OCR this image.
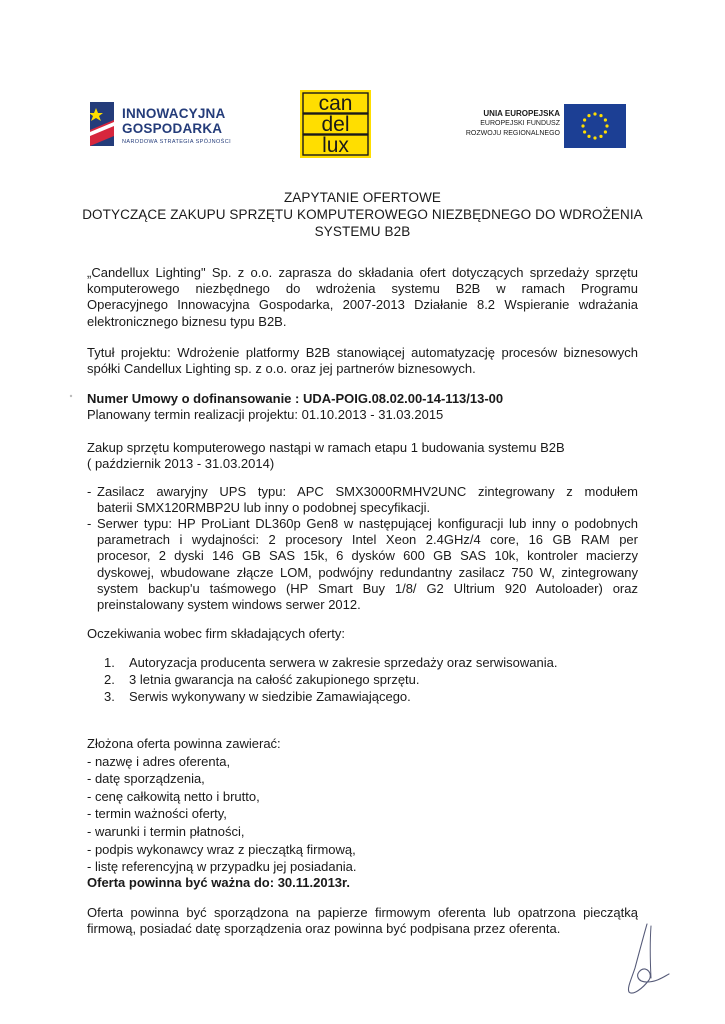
INNOWACYJNA
GOSPODARKA
NARODOWA STRATEGIA SPÓJNOŚCI
can
del
lux
UNIA EUROPEJSKA
EUROPEJSKI FUNDUSZ
ROZWOJU REGIONALNEGO
ZAPYTANIE OFERTOWE
DOTYCZĄCE ZAKUPU SPRZĘTU KOMPUTEROWEGO NIEZBĘDNEGO DO WDROŻENIA
SYSTEMU B2B
„Candellux Lighting" Sp. z o.o. zaprasza do składania ofert dotyczących sprzedaży sprzętu
komputerowego niezbędnego do wdrożenia systemu B2B w ramach Programu
Operacyjnego Innowacyjna Gospodarka, 2007-2013 Działanie 8.2 Wspieranie wdrażania
elektronicznego biznesu typu B2B.
Tytuł projektu: Wdrożenie platformy B2B stanowiącej automatyzację procesów biznesowych
spółki Candellux Lighting sp. z o.o. oraz jej partnerów biznesowych.
Numer Umowy o dofinansowanie : UDA-POIG.08.02.00-14-113/13-00
Planowany termin realizacji projektu: 01.10.2013 - 31.03.2015
Zakup sprzętu komputerowego nastąpi w ramach etapu 1 budowania systemu B2B
( październik 2013 - 31.03.2014)
- Zasilacz awaryjny UPS typu: APC SMX3000RMHV2UNC zintegrowany z modułem
baterii SMX120RMBP2U lub inny o podobnej specyfikacji.
- Serwer typu: HP ProLiant DL360p Gen8 w następującej konfiguracji lub inny o podobnych
parametrach i wydajności: 2 procesory Intel Xeon 2.4GHz/4 core, 16 GB RAM per
procesor, 2 dyski 146 GB SAS 15k, 6 dysków 600 GB SAS 10k, kontroler macierzy
dyskowej, wbudowane złącze LOM, podwójny redundantny zasilacz 750 W, zintegrowany
system backup'u taśmowego (HP Smart Buy 1/8/ G2 Ultrium 920 Autoloader) oraz
preinstalowany system windows serwer 2012.
Oczekiwania wobec firm składających oferty:
1. Autoryzacja producenta serwera w zakresie sprzedaży oraz serwisowania.
2. 3 letnia gwarancja na całość zakupionego sprzętu.
3. Serwis wykonywany w siedzibie Zamawiającego.
Złożona oferta powinna zawierać:
- nazwę i adres oferenta,
- datę sporządzenia,
- cenę całkowitą netto i brutto,
- termin ważności oferty,
- warunki i termin płatności,
- podpis wykonawcy wraz z pieczątką firmową,
- listę referencyjną w przypadku jej posiadania.
Oferta powinna być ważna do: 30.11.2013r.
Oferta powinna być sporządzona na papierze firmowym oferenta lub opatrzona pieczątką
firmową, posiadać datę sporządzenia oraz powinna być podpisana przez oferenta.
